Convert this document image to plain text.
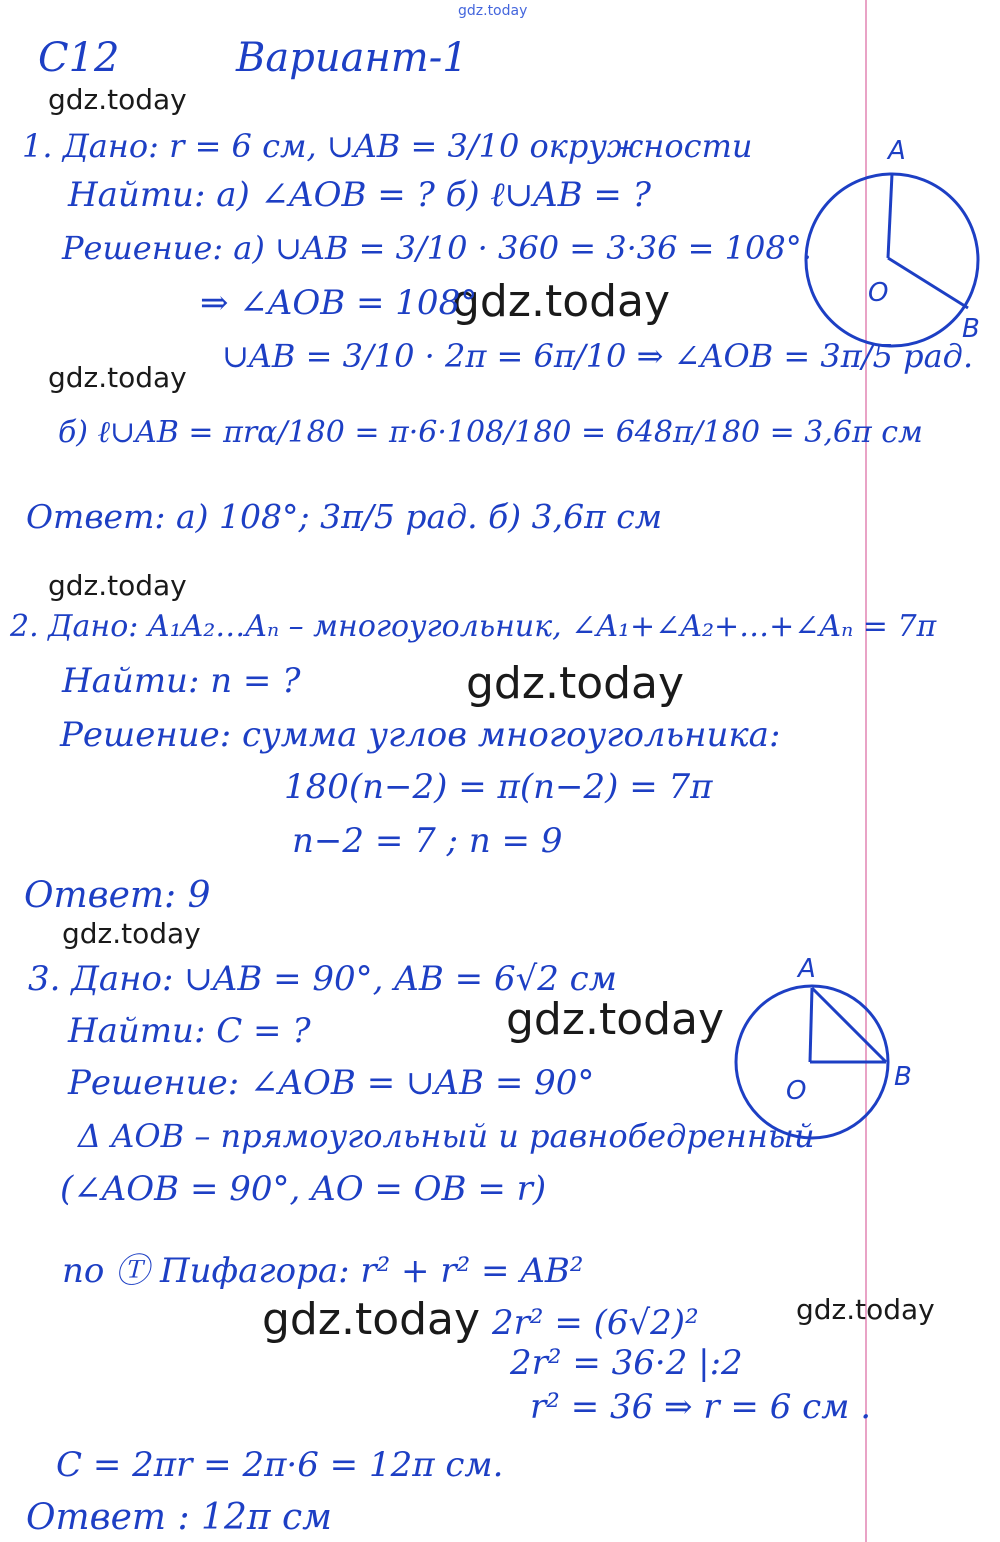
gdz.today
gdz.today
gdz.today
gdz.today
gdz.today
gdz.today
gdz.today
gdz.today
gdz.today	gdz.today
С12	Вариант-1
1. Дано: r = 6 см, ∪AB = 3/10 окружности
Найти: а) ∠AOB = ? б) ℓ∪AB = ?
Решение: а) ∪AB = 3/10 · 360 = 3·36 = 108°.
⇒ ∠AOB = 108°
∪AB = 3/10 · 2π = 6π/10 ⇒ ∠AOB = 3π/5 рад.
б) ℓ∪AB = πrα/180 = π·6·108/180 = 648π/180 = 3,6π см
Ответ: а) 108°; 3π/5 рад. б) 3,6π см
A
O
B
2. Дано: A₁A₂…Aₙ – многоугольник, ∠A₁+∠A₂+…+∠Aₙ = 7π
Найти: n = ?
Решение: сумма углов многоугольника:
180(n−2) = π(n−2) = 7π
n−2 = 7 ; n = 9
Ответ: 9
3. Дано: ∪AB = 90°, AB = 6√2 см
Найти: C = ?
Решение: ∠AOB = ∪AB = 90°
Δ AOB – прямоугольный и равнобедренный
(∠AOB = 90°, AO = OB = r)
по Ⓣ Пифагора: r² + r² = AB²
2r² = (6√2)²
2r² = 36·2 |:2
r² = 36 ⇒ r = 6 см .
C = 2πr = 2π·6 = 12π см.
Ответ : 12π см
A
O	B
